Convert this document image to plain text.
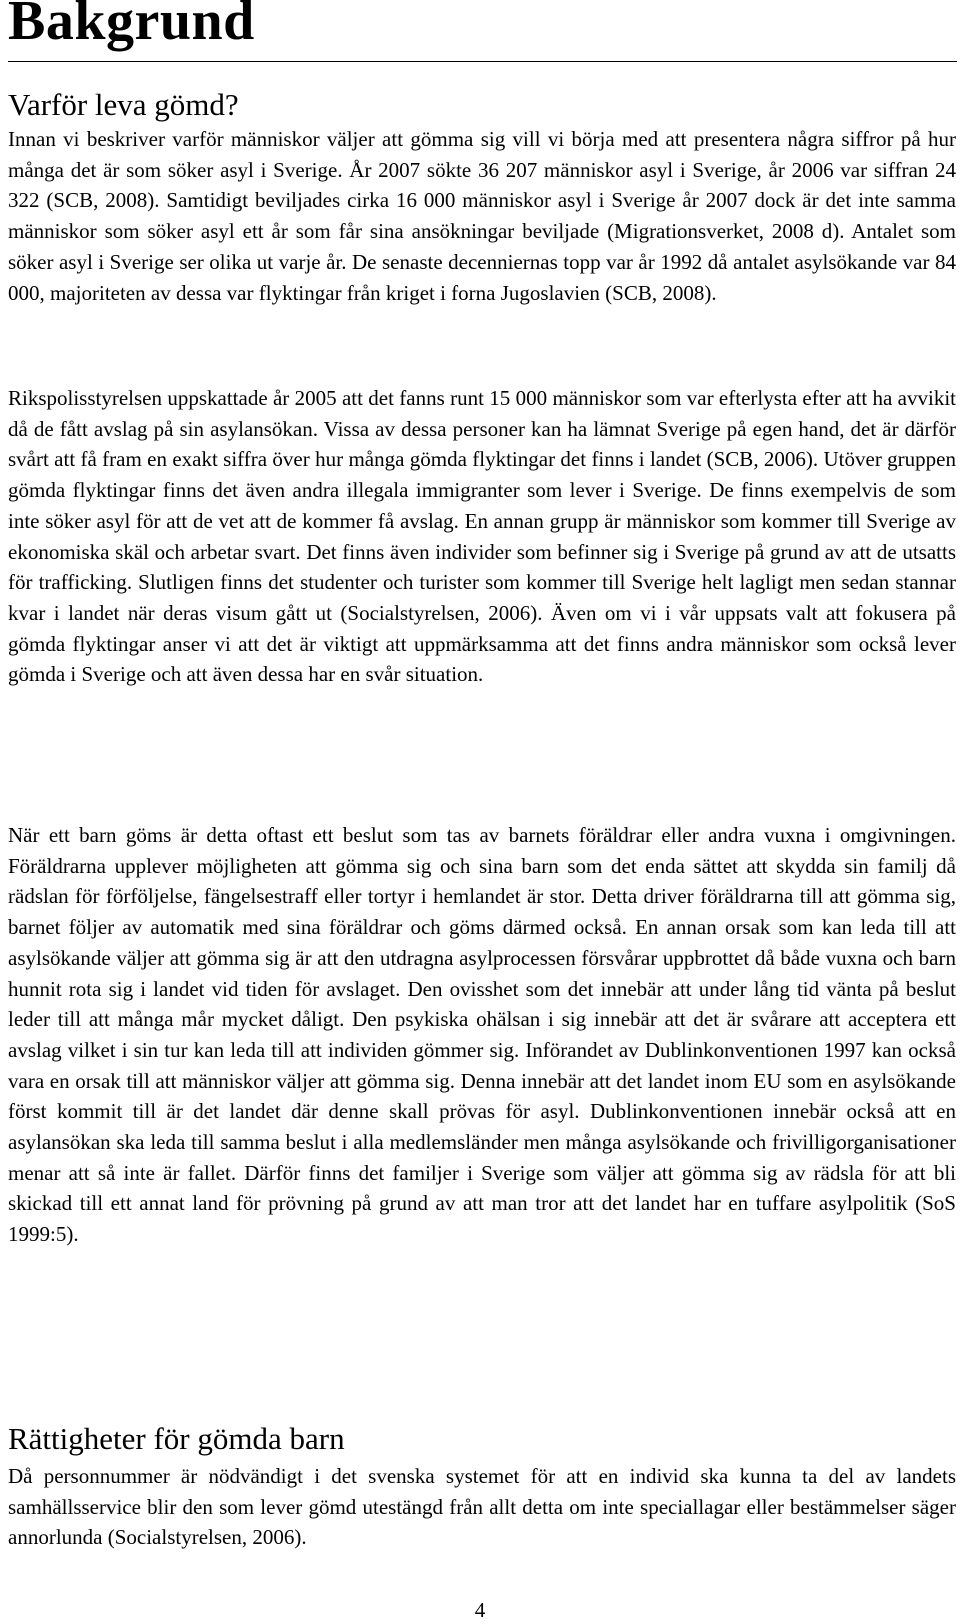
Bakgrund
Varför leva gömd?

Innan vi beskriver varför människor väljer att gömma sig vill vi börja med att presentera några siffror på hur många det är som söker asyl i Sverige. År 2007 sökte 36 207 människor asyl i Sverige, år 2006 var siffran 24 322 (SCB, 2008). Samtidigt beviljades cirka 16 000 människor asyl i Sverige år 2007 dock är det inte samma människor som söker asyl ett år som får sina ansökningar beviljade (Migrationsverket, 2008 d). Antalet som söker asyl i Sverige ser olika ut varje år. De senaste decenniernas topp var år 1992 då antalet asylsökande var 84 000, majoriteten av dessa var flyktingar från kriget i forna Jugoslavien (SCB, 2008).

Rikspolisstyrelsen uppskattade år 2005 att det fanns runt 15 000 människor som var efterlysta efter att ha avvikit då de fått avslag på sin asylansökan. Vissa av dessa personer kan ha lämnat Sverige på egen hand, det är därför svårt att få fram en exakt siffra över hur många gömda flyktingar det finns i landet (SCB, 2006). Utöver gruppen gömda flyktingar finns det även andra illegala immigranter som lever i Sverige. De finns exempelvis de som inte söker asyl för att de vet att de kommer få avslag. En annan grupp är människor som kommer till Sverige av ekonomiska skäl och arbetar svart. Det finns även individer som befinner sig i Sverige på grund av att de utsatts för trafficking. Slutligen finns det studenter och turister som kommer till Sverige helt lagligt men sedan stannar kvar i landet när deras visum gått ut (Socialstyrelsen, 2006). Även om vi i vår uppsats valt att fokusera på gömda flyktingar anser vi att det är viktigt att uppmärksamma att det finns andra människor som också lever gömda i Sverige och att även dessa har en svår situation.

När ett barn göms är detta oftast ett beslut som tas av barnets föräldrar eller andra vuxna i omgivningen. Föräldrarna upplever möjligheten att gömma sig och sina barn som det enda sättet att skydda sin familj då rädslan för förföljelse, fängelsestraff eller tortyr i hemlandet är stor. Detta driver föräldrarna till att gömma sig, barnet följer av automatik med sina föräldrar och göms därmed också. En annan orsak som kan leda till att asylsökande väljer att gömma sig är att den utdragna asylprocessen försvårar uppbrottet då både vuxna och barn hunnit rota sig i landet vid tiden för avslaget. Den ovisshet som det innebär att under lång tid vänta på beslut leder till att många mår mycket dåligt. Den psykiska ohälsan i sig innebär att det är svårare att acceptera ett avslag vilket i sin tur kan leda till att individen gömmer sig. Införandet av Dublinkonventionen 1997 kan också vara en orsak till att människor väljer att gömma sig. Denna innebär att det landet inom EU som en asylsökande först kommit till är det landet där denne skall prövas för asyl. Dublinkonventionen innebär också att en asylansökan ska leda till samma beslut i alla medlemsländer men många asylsökande och frivilligorganisationer menar att så inte är fallet. Därför finns det familjer i Sverige som väljer att gömma sig av rädsla för att bli skickad till ett annat land för prövning på grund av att man tror att det landet har en tuffare asylpolitik (SoS 1999:5).

Rättigheter för gömda barn

Då personnummer är nödvändigt i det svenska systemet för att en individ ska kunna ta del av landets samhällsservice blir den som lever gömd utestängd från allt detta om inte speciallagar eller bestämmelser säger annorlunda (Socialstyrelsen, 2006).

4
